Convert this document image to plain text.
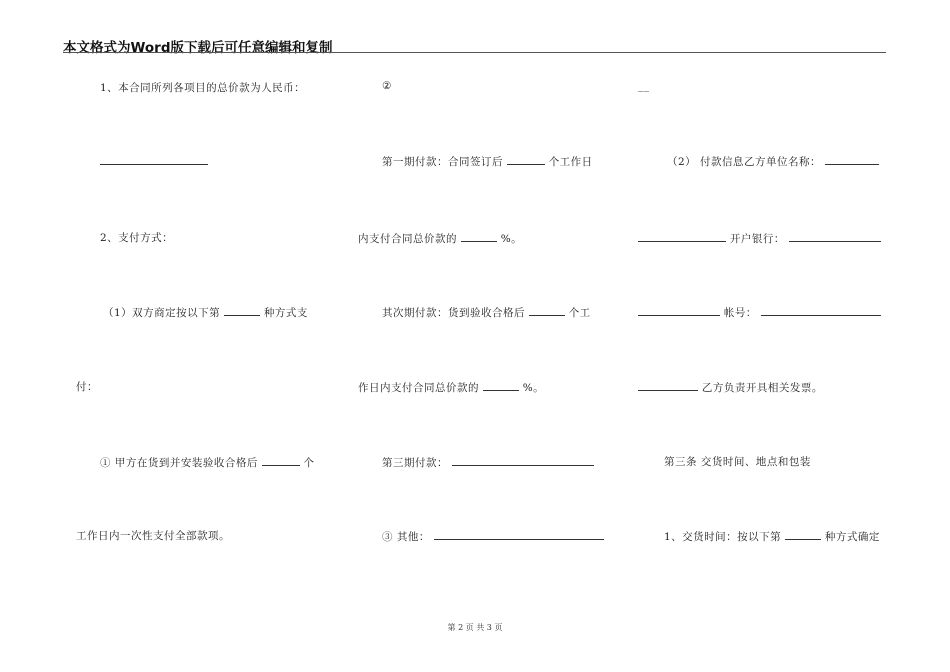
本文格式为Word版下载后可任意编辑和复制
1、本合同所列各项目的总价款为人民币：
2、支付方式：
（1）双方商定按以下第	种方式支
付：
① 甲方在货到并安装验收合格后	个
工作日内一次性支付全部款项。
②
第一期付款：合同签订后	个工作日
内支付合同总价款的	%。
其次期付款：货到验收合格后	个工
作日内支付合同总价款的	%。
第三期付款：
③ 其他：
__
（2） 付款信息乙方单位名称：
开户银行：
帐号：
乙方负责开具相关发票。
第三条 交货时间、地点和包装
1、交货时间：按以下第	种方式确定
第 2 页 共 3 页
